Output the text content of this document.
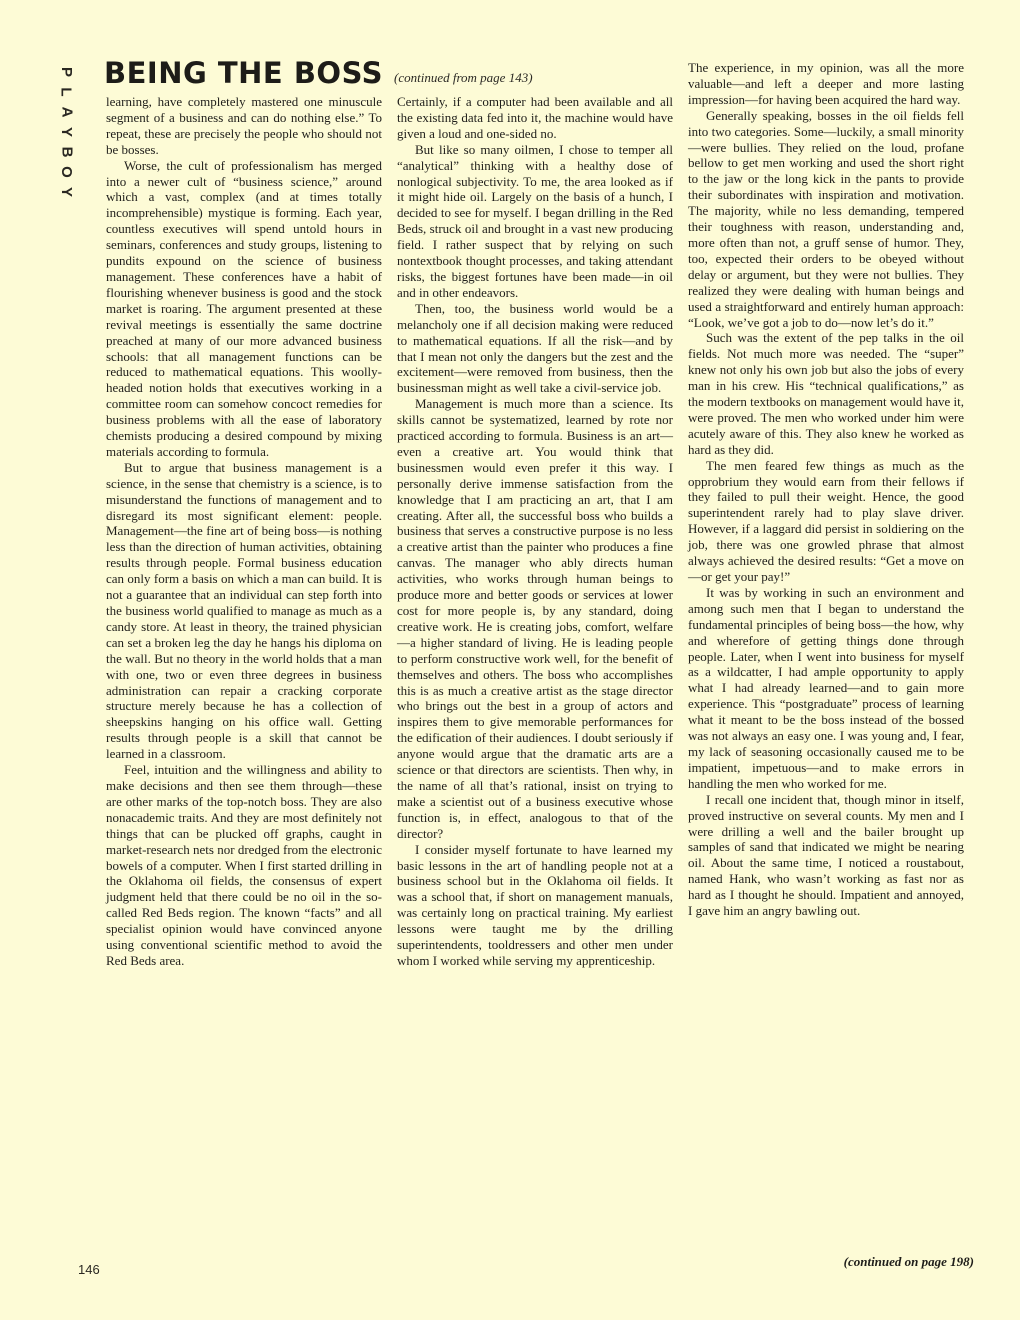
P
L
A
Y
B
O
Y
BEING THE BOSS (continued from page 143)

learning, have completely mastered one minuscule segment of a business and can do nothing else.” To repeat, these are precisely the people who should not be bosses.

Worse, the cult of professionalism has merged into a newer cult of “business science,” around which a vast, complex (and at times totally incomprehensible) mystique is forming. Each year, countless executives will spend untold hours in seminars, conferences and study groups, listening to pundits expound on the science of business management. These conferences have a habit of flourishing whenever business is good and the stock market is roaring. The argument presented at these revival meetings is essentially the same doctrine preached at many of our more advanced business schools: that all management functions can be reduced to mathematical equations. This woolly-headed notion holds that executives working in a committee room can somehow concoct remedies for business problems with all the ease of laboratory chemists producing a desired compound by mixing materials according to formula.

But to argue that business management is a science, in the sense that chemistry is a science, is to misunderstand the functions of management and to disregard its most significant element: people. Management—the fine art of being boss—is nothing less than the direction of human activities, obtaining results through people. Formal business education can only form a basis on which a man can build. It is not a guarantee that an individual can step forth into the business world qualified to manage as much as a candy store. At least in theory, the trained physician can set a broken leg the day he hangs his diploma on the wall. But no theory in the world holds that a man with one, two or even three degrees in business administration can repair a cracking corporate structure merely because he has a collection of sheepskins hanging on his office wall. Getting results through people is a skill that cannot be learned in a classroom.

Feel, intuition and the willingness and ability to make decisions and then see them through—these are other marks of the top-notch boss. They are also nonacademic traits. And they are most definitely not things that can be plucked off graphs, caught in market-research nets nor dredged from the electronic bowels of a computer. When I first started drilling in the Oklahoma oil fields, the consensus of expert judgment held that there could be no oil in the so-called Red Beds region. The known “facts” and all specialist opinion would have convinced anyone using conventional scientific method to avoid the Red Beds area.

Certainly, if a computer had been available and all the existing data fed into it, the machine would have given a loud and one-sided no.

But like so many oilmen, I chose to temper all “analytical” thinking with a healthy dose of nonlogical subjectivity. To me, the area looked as if it might hide oil. Largely on the basis of a hunch, I decided to see for myself. I began drilling in the Red Beds, struck oil and brought in a vast new producing field. I rather suspect that by relying on such nontextbook thought processes, and taking attendant risks, the biggest fortunes have been made—in oil and in other endeavors.

Then, too, the business world would be a melancholy one if all decision making were reduced to mathematical equations. If all the risk—and by that I mean not only the dangers but the zest and the excitement—were removed from business, then the businessman might as well take a civil-service job.

Management is much more than a science. Its skills cannot be systematized, learned by rote nor practiced according to formula. Business is an art—even a creative art. You would think that businessmen would even prefer it this way. I personally derive immense satisfaction from the knowledge that I am practicing an art, that I am creating. After all, the successful boss who builds a business that serves a constructive purpose is no less a creative artist than the painter who produces a fine canvas. The manager who ably directs human activities, who works through human beings to produce more and better goods or services at lower cost for more people is, by any standard, doing creative work. He is creating jobs, comfort, welfare—a higher standard of living. He is leading people to perform constructive work well, for the benefit of themselves and others. The boss who accomplishes this is as much a creative artist as the stage director who brings out the best in a group of actors and inspires them to give memorable performances for the edification of their audiences. I doubt seriously if anyone would argue that the dramatic arts are a science or that directors are scientists. Then why, in the name of all that’s rational, insist on trying to make a scientist out of a business executive whose function is, in effect, analogous to that of the director?

I consider myself fortunate to have learned my basic lessons in the art of handling people not at a business school but in the Oklahoma oil fields. It was a school that, if short on management manuals, was certainly long on practical training. My earliest lessons were taught me by the drilling superintendents, tooldressers and other men under whom I worked while serving my apprenticeship.

The experience, in my opinion, was all the more valuable—and left a deeper and more lasting impression—for having been acquired the hard way.

Generally speaking, bosses in the oil fields fell into two categories. Some—luckily, a small minority—were bullies. They relied on the loud, profane bellow to get men working and used the short right to the jaw or the long kick in the pants to provide their subordinates with inspiration and motivation. The majority, while no less demanding, tempered their toughness with reason, understanding and, more often than not, a gruff sense of humor. They, too, expected their orders to be obeyed without delay or argument, but they were not bullies. They realized they were dealing with human beings and used a straightforward and entirely human approach: “Look, we’ve got a job to do—now let’s do it.”

Such was the extent of the pep talks in the oil fields. Not much more was needed. The “super” knew not only his own job but also the jobs of every man in his crew. His “technical qualifications,” as the modern textbooks on management would have it, were proved. The men who worked under him were acutely aware of this. They also knew he worked as hard as they did.

The men feared few things as much as the opprobrium they would earn from their fellows if they failed to pull their weight. Hence, the good superintendent rarely had to play slave driver. However, if a laggard did persist in soldiering on the job, there was one growled phrase that almost always achieved the desired results: “Get a move on—or get your pay!”

It was by working in such an environment and among such men that I began to understand the fundamental principles of being boss—the how, why and wherefore of getting things done through people. Later, when I went into business for myself as a wildcatter, I had ample opportunity to apply what I had already learned—and to gain more experience. This “postgraduate” process of learning what it meant to be the boss instead of the bossed was not always an easy one. I was young and, I fear, my lack of seasoning occasionally caused me to be impatient, impetuous—and to make errors in handling the men who worked for me.

I recall one incident that, though minor in itself, proved instructive on several counts. My men and I were drilling a well and the bailer brought up samples of sand that indicated we might be nearing oil. About the same time, I noticed a roustabout, named Hank, who wasn’t working as fast nor as hard as I thought he should. Impatient and annoyed, I gave him an angry bawling out.

(continued on page 198)
146
